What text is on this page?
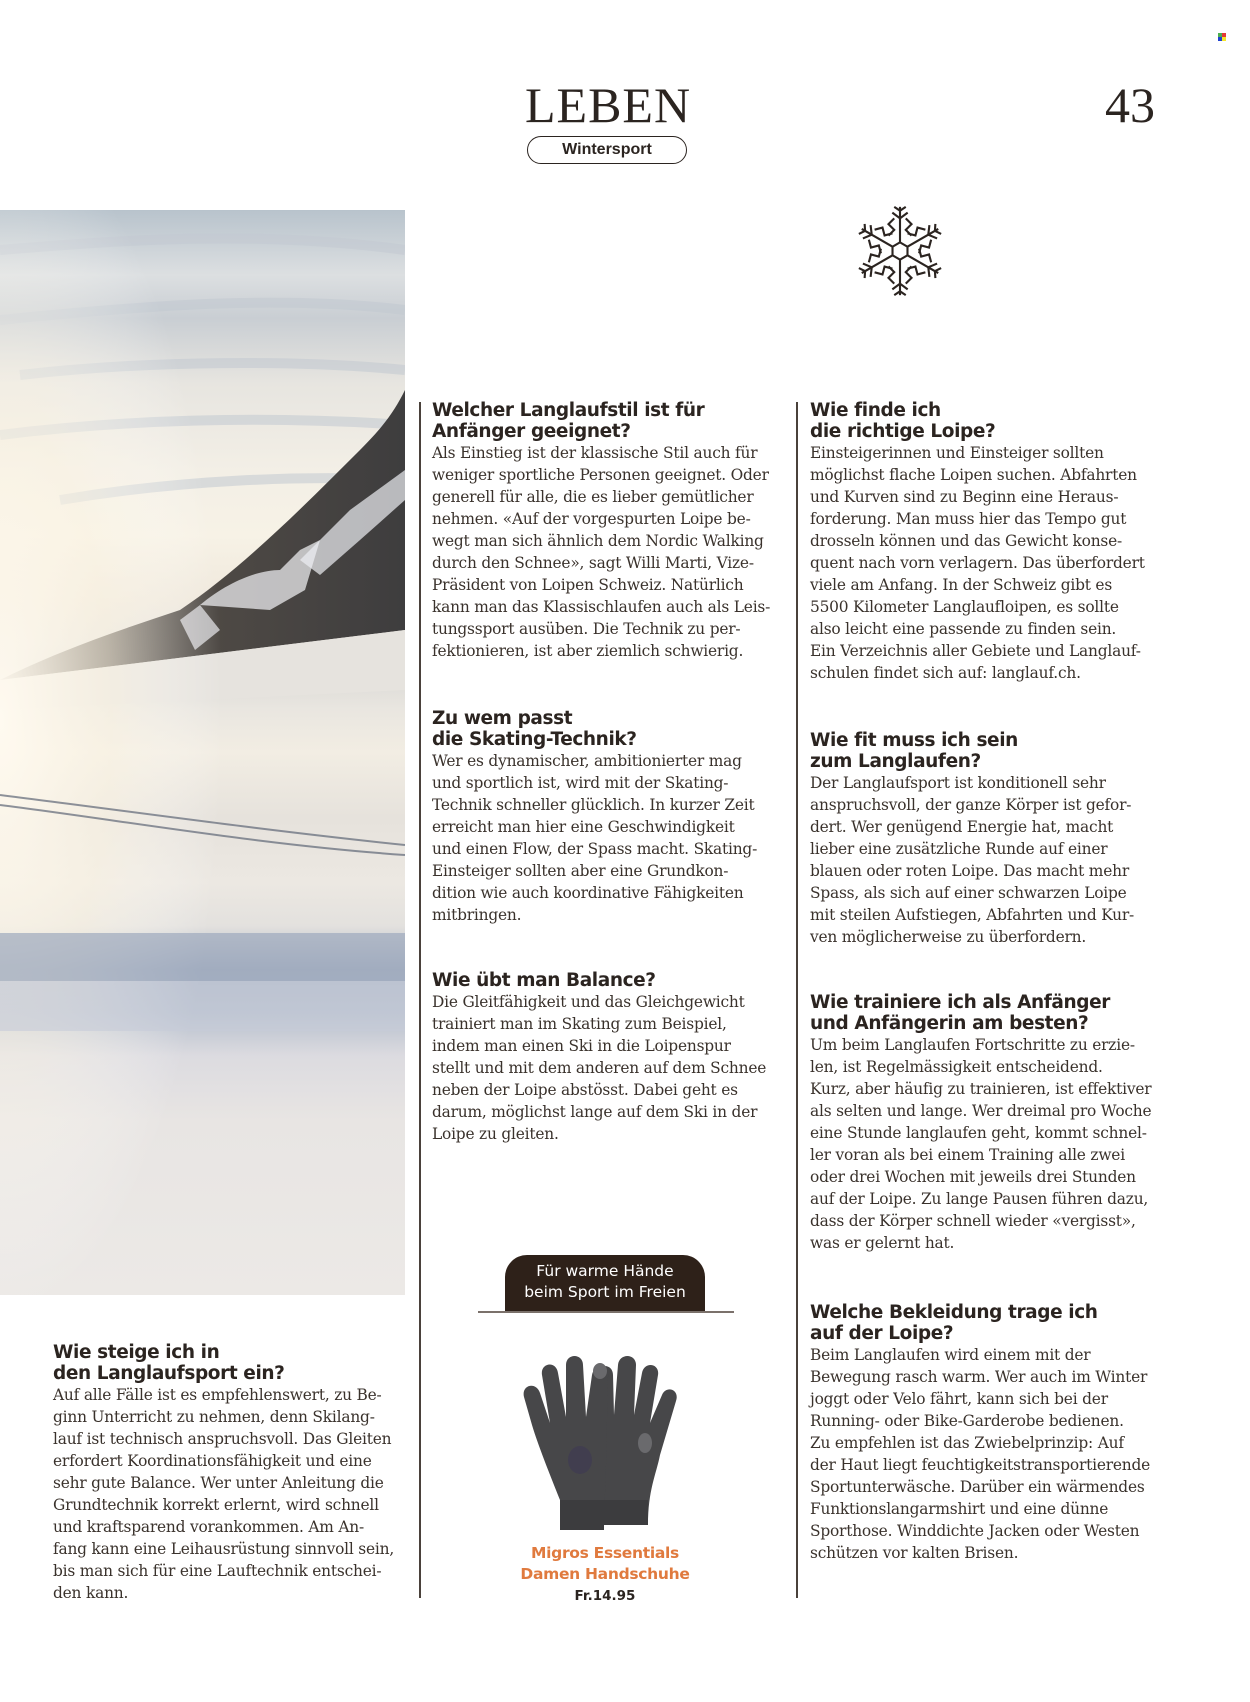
LEBEN
Wintersport
43
Welcher Langlaufstil ist für
Anfänger geeignet?

Als Einstieg ist der klassische Stil auch für
weniger sportliche Personen geeignet. Oder
generell für alle, die es lieber gemütlicher
nehmen. «Auf der vorgespurten Loipe be-
wegt man sich ähnlich dem Nordic Walking
durch den Schnee», sagt Willi Marti, Vize-
Präsident von Loipen Schweiz. Natürlich
kann man das Klassischlaufen auch als Leis-
tungssport ausüben. Die Technik zu per-
fektionieren, ist aber ziemlich schwierig.

Zu wem passt
die Skating-Technik?

Wer es dynamischer, ambitionierter mag
und sportlich ist, wird mit der Skating-
Technik schneller glücklich. In kurzer Zeit
erreicht man hier eine Geschwindigkeit
und einen Flow, der Spass macht. Skating-
Einsteiger sollten aber eine Grundkon-
dition wie auch koordinative Fähigkeiten
mitbringen.

Wie übt man Balance?

Die Gleitfähigkeit und das Gleichgewicht
trainiert man im Skating zum Beispiel,
indem man einen Ski in die Loipenspur
stellt und mit dem anderen auf dem Schnee
neben der Loipe abstösst. Dabei geht es
darum, möglichst lange auf dem Ski in der
Loipe zu gleiten.

Wie finde ich
die richtige Loipe?

Einsteigerinnen und Einsteiger sollten
möglichst flache Loipen suchen. Abfahrten
und Kurven sind zu Beginn eine Heraus-
forderung. Man muss hier das Tempo gut
drosseln können und das Gewicht konse-
quent nach vorn verlagern. Das überfordert
viele am Anfang. In der Schweiz gibt es
5500 Kilometer Langlaufloipen, es sollte
also leicht eine passende zu finden sein.
Ein Verzeichnis aller Gebiete und Langlauf-
schulen findet sich auf: langlauf.ch.

Wie fit muss ich sein
zum Langlaufen?

Der Langlaufsport ist konditionell sehr
anspruchsvoll, der ganze Körper ist gefor-
dert. Wer genügend Energie hat, macht
lieber eine zusätzliche Runde auf einer
blauen oder roten Loipe. Das macht mehr
Spass, als sich auf einer schwarzen Loipe
mit steilen Aufstiegen, Abfahrten und Kur-
ven möglicherweise zu überfordern.

Wie trainiere ich als Anfänger
und Anfängerin am besten?

Um beim Langlaufen Fortschritte zu erzie-
len, ist Regelmässigkeit entscheidend.
Kurz, aber häufig zu trainieren, ist effektiver
als selten und lange. Wer dreimal pro Woche
eine Stunde langlaufen geht, kommt schnel-
ler voran als bei einem Training alle zwei
oder drei Wochen mit jeweils drei Stunden
auf der Loipe. Zu lange Pausen führen dazu,
dass der Körper schnell wieder «vergisst»,
was er gelernt hat.

Welche Bekleidung trage ich
auf der Loipe?

Beim Langlaufen wird einem mit der
Bewegung rasch warm. Wer auch im Winter
joggt oder Velo fährt, kann sich bei der
Running- oder Bike-Garderobe bedienen.
Zu empfehlen ist das Zwiebelprinzip: Auf
der Haut liegt feuchtigkeitstransportierende
Sportunterwäsche. Darüber ein wärmendes
Funktionslangarmshirt und eine dünne
Sporthose. Winddichte Jacken oder Westen
schützen vor kalten Brisen.

Wie steige ich in
den Langlaufsport ein?

Auf alle Fälle ist es empfehlenswert, zu Be-
ginn Unterricht zu nehmen, denn Skilang-
lauf ist technisch anspruchsvoll. Das Gleiten
erfordert Koordinationsfähigkeit und eine
sehr gute Balance. Wer unter Anleitung die
Grundtechnik korrekt erlernt, wird schnell
und kraftsparend vorankommen. Am An-
fang kann eine Leihausrüstung sinnvoll sein,
bis man sich für eine Lauftechnik entschei-
den kann.

Für warme Hände
beim Sport im Freien
Migros Essentials
Damen Handschuhe
Fr.14.95
